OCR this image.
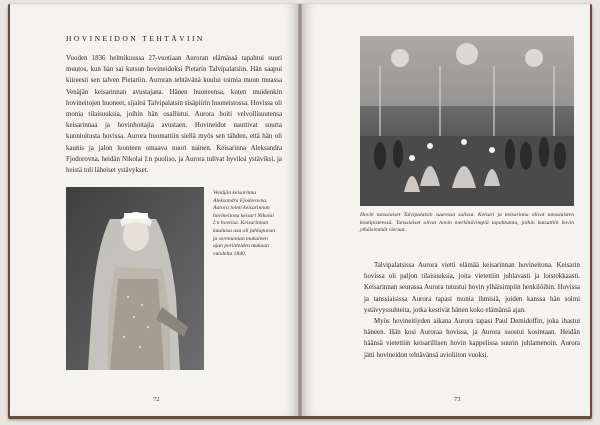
HOVINEIDON TEHTÄVIIN

Vuoden 1836 helmikuussa 27-vuotiaan Auroran elämässä tapahtui suuri muutos, kun hän sai kutsun hovineidoksi Pietarin Talvipalatsiin. Hän saapui kiireesti sen talven Pietariin. Auroran tehtävänä kuului toimia muun muassa Venäjän keisarinnan avustajana. Hänen huoneensa, kuten muidenkin hovineitojen huoneet, sijaitsi Talvipalatsin sisäpiirin huoneistossa. Hovissa oli monia tilaisuuksia, joihin hän osallistui. Aurora hoiti velvollisuutensa keisarinnaa ja hovinhoitajia avustaen. Hovineidot nauttivat suurta kunnioitusta hovissa. Aurora huomattiin siellä myös sen tähden, että hän oli kaunis ja jalon luonteen omaava nuori nainen. Keisarinna Aleksandra Fjodorovna, heidän Nikolai I:n puoliso, ja Aurora tulivat hyviksi ystäviksi, ja heistä tuli läheiset ystävykset.

Venäjän keisarinna Aleksandra Fjodorovna. Aurora toimi keisarinnan hovineitona keisari Nikolai I:n hovissa. Keisarinnan kuuluisa asu oli juhlapuvun ja seremonian mukainen ajan perinteiden mukaan vuodelta 1840.
72
Hovin tanssiaiset Talvipalatsin suuressa salissa. Keisari ja keisarinna olivat tanssiaisten keskipisteessä. Tanssiaiset olivat hovin merkittävimpiä tapahtumia, joihin kutsuttiin hovin ylhäisimmät vieraat.

Talvipalatsissa Aurora vietti elämää keisarinnan hovineitona. Keisarin hovissa oli paljon tilaisuuksia, joita vietettiin juhlavasti ja loistokkaasti. Keisarinnan seurassa Aurora tutustui hovin ylhäisimpiin henkilöihin. Hovissa ja tanssiaisissa Aurora tapasi monia ihmisiä, joiden kanssa hän solmi ystävyyssuhteita, jotka kestivät hänen koko elämänsä ajan.

Myös hovineitiyden aikana Aurora tapasi Paul Demidoffin, joka ihastui häneen. Hän kosi Auroraa hovissa, ja Aurora suostui kosintaan. Heidän häänsä vietettiin keisarillisen hovin kappelissa suurin juhlamenoin. Aurora jätti hovineidon tehtävänsä avioliiton vuoksi.

73
